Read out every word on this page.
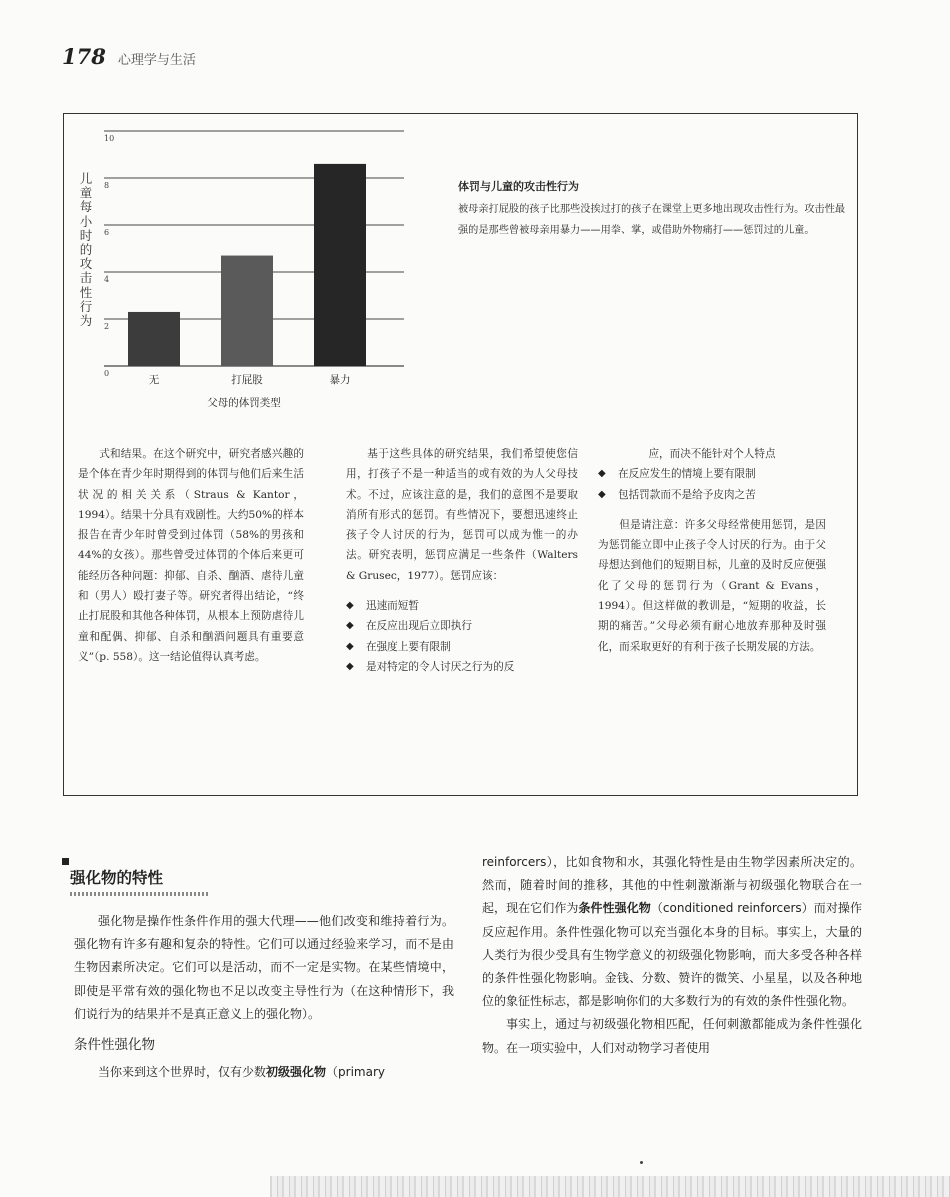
178 心理学与生活
0
2
4
6
8
10
无	打屁股	暴力
父母的体罚类型
儿童每小时的攻击性行为
体罚与儿童的攻击性行为
被母亲打屁股的孩子比那些没挨过打的孩子在课堂上更多地出现攻击性行为。攻击性最强的是那些曾被母亲用暴力——用拳、掌，或借助外物痛打——惩罚过的儿童。
式和结果。在这个研究中，研究者感兴趣的是个体在青少年时期得到的体罚与他们后来生活状况的相关关系（Straus & Kantor，1994）。结果十分具有戏剧性。大约50%的样本报告在青少年时曾受到过体罚（58%的男孩和44%的女孩）。那些曾受过体罚的个体后来更可能经历各种问题：抑郁、自杀、酗酒、虐待儿童和（男人）殴打妻子等。研究者得出结论，“终止打屁股和其他各种体罚，从根本上预防虐待儿童和配偶、抑郁、自杀和酗酒问题具有重要意义”（p. 558）。这一结论值得认真考虑。
基于这些具体的研究结果，我们希望使您信用，打孩子不是一种适当的或有效的为人父母技术。不过，应该注意的是，我们的意图不是要取消所有形式的惩罚。有些情况下，要想迅速终止孩子令人讨厌的行为，惩罚可以成为惟一的办法。研究表明，惩罚应满足一些条件（Walters & Grusec，1977）。惩罚应该：
◆ 迅速而短暂
◆ 在反应出现后立即执行
◆ 在强度上要有限制
◆ 是对特定的令人讨厌之行为的反
应，而决不能针对个人特点
◆ 在反应发生的情境上要有限制
◆ 包括罚款而不是给予皮肉之苦
但是请注意：许多父母经常使用惩罚，是因为惩罚能立即中止孩子令人讨厌的行为。由于父母想达到他们的短期目标，儿童的及时反应便强化了父母的惩罚行为（Grant & Evans，1994）。但这样做的教训是，“短期的收益，长期的痛苦。”父母必须有耐心地放弃那种及时强化，而采取更好的有利于孩子长期发展的方法。
强化物的特性

强化物是操作性条件作用的强大代理——他们改变和维持着行为。强化物有许多有趣和复杂的特性。它们可以通过经验来学习，而不是由生物因素所决定。它们可以是活动，而不一定是实物。在某些情境中，即使是平常有效的强化物也不足以改变主导性行为（在这种情形下，我们说行为的结果并不是真正意义上的强化物）。

条件性强化物

当你来到这个世界时，仅有少数初级强化物（primary

reinforcers），比如食物和水，其强化特性是由生物学因素所决定的。然而，随着时间的推移，其他的中性刺激渐渐与初级强化物联合在一起，现在它们作为条件性强化物（conditioned reinforcers）而对操作反应起作用。条件性强化物可以充当强化本身的目标。事实上，大量的人类行为很少受具有生物学意义的初级强化物影响，而大多受各种各样的条件性强化物影响。金钱、分数、赞许的微笑、小星星，以及各种地位的象征性标志，都是影响你们的大多数行为的有效的条件性强化物。

事实上，通过与初级强化物相匹配，任何刺激都能成为条件性强化物。在一项实验中，人们对动物学习者使用
